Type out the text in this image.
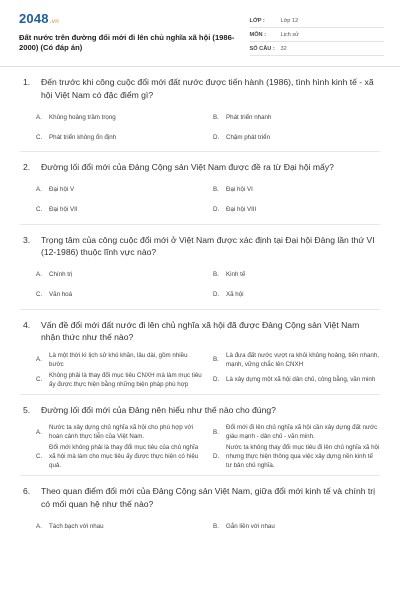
2048.vn
Đất nước trên đường đổi mới đi lên chủ nghĩa xã hội (1986-2000) (Có đáp án)
LỚP :	Lớp 12
MÔN :	Lịch sử
SỐ CÂU :	32
1.	Đến trước khi công cuộc đổi mới đất nước được tiến hành (1986), tình hình kinh tế - xã hội Việt Nam có đặc điểm gì?
A.	Khủng hoảng trầm trọng	B.	Phát triển nhanh
C.	Phát triển không ổn định	D.	Chậm phát triển
2.	Đường lối đổi mới của Đảng Cộng sản Việt Nam được đề ra từ Đại hội mấy?
A.	Đại hội V	B.	Đại hội VI
C.	Đại hội VII	D.	Đại hội VIII
3.	Trọng tâm của công cuộc đổi mới ở Việt Nam được xác định tại Đại hội Đảng lần thứ VI (12-1986) thuộc lĩnh vực nào?
A.	Chính trị	B.	Kinh tế
C.	Văn hoá	D.	Xã hội
4.	Vấn đề đổi mới đất nước đi lên chủ nghĩa xã hội đã được Đảng Cộng sản Việt Nam nhận thức như thế nào?
A.
Là một thời kì lịch sử khó khăn, lâu dài, gồm nhiều bước
B.
Là đưa đất nước vượt ra khỏi khủng hoảng, tiến nhanh, mạnh, vững chắc lên CNXH
C.
Không phải là thay đổi mục tiêu CNXH mà làm mục tiêu ấy được thực hiện bằng những biện pháp phù hợp
D.	Là xây dựng một xã hội dân chủ, công bằng, văn minh
5.	Đường lối đổi mới của Đảng nên hiểu như thế nào cho đúng?
A.
Nước ta xây dựng chủ nghĩa xã hội cho phù hợp với hoàn cảnh thực tiễn của Việt Nam.
B.
Đổi mới đi lên chủ nghĩa xã hội cần xây dựng đất nước giàu mạnh - dân chủ - văn minh.
C.
Đổi mới không phải là thay đổi mục tiêu của chủ nghĩa xã hội mà làm cho mục tiêu ấy được thực hiện có hiệu quả.
D.
Nước ta không thay đổi mục tiêu đi lên chủ nghĩa xã hội nhưng thực hiện thông qua việc xây dựng nền kinh tế tư bản chủ nghĩa.
6.	Theo quan điểm đổi mới của Đảng Cộng sản Việt Nam, giữa đổi mới kinh tế và chính trị có mối quan hệ như thế nào?
A.	Tách bạch với nhau	B.	Gắn liền với nhau
